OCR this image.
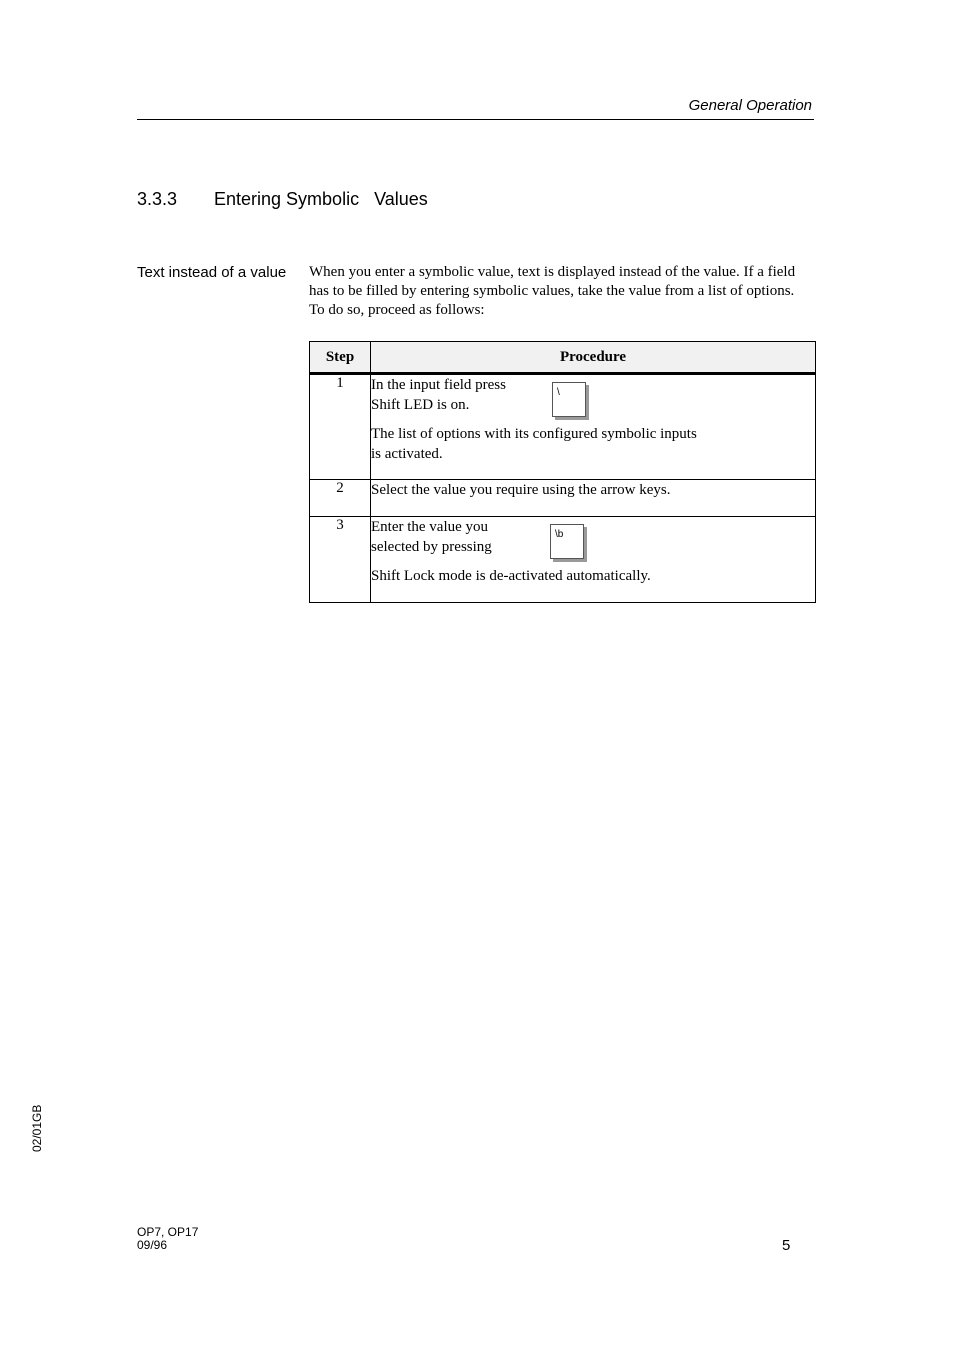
General Operation
3.3.3 Entering Symbolic   Values
Text instead of a value When you enter a symbolic value, text is displayed instead of the value. If a field has to be filled by entering symbolic values, take the value from a list of options. To do so, proceed as follows:
Step	Procedure
1	In the input field press
Shift LED is on.
The list of options with its configured symbolic inputs
is activated.
\

2	Select the value you require using the arrow keys.

3	Enter the value you
selected by pressing
Shift Lock mode is de-activated automatically.
\b
02/01GB
OP7, OP17
09/96	5
